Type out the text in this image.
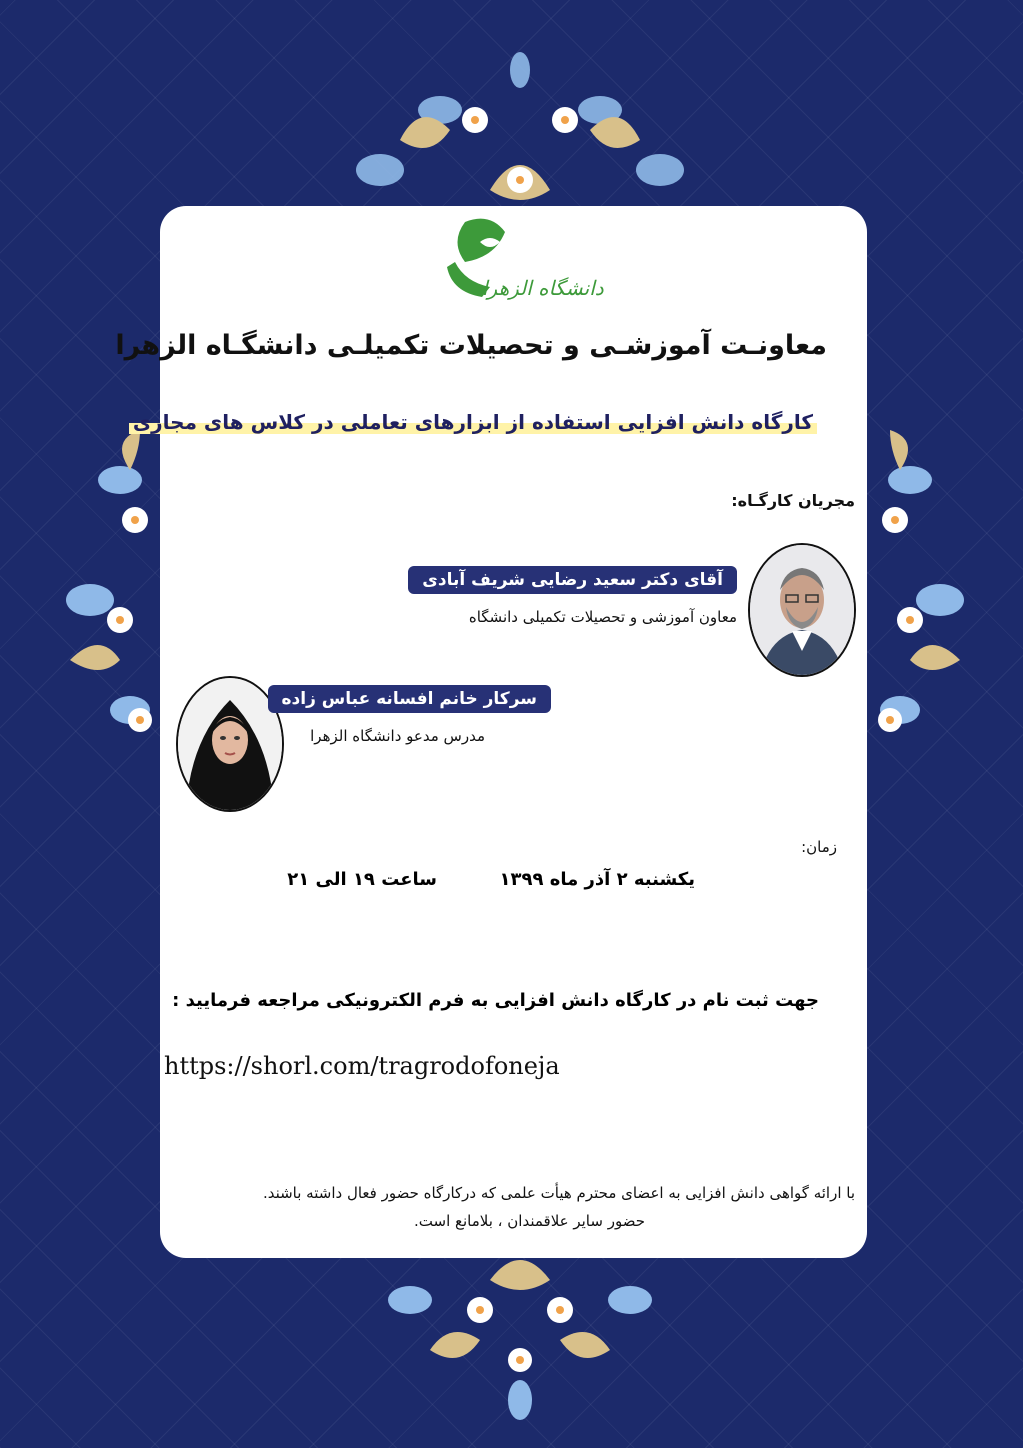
دانشگاه الزهرا
معاونـت آموزشـی و تحصیلات تکمیلـی دانشگـاه الزهرا
کارگاه دانش افزایی استفاده از ابزارهای تعاملی در کلاس های مجازی
مجریان کارگـاه:
آقای دکتر سعید رضایی شریف آبادی
معاون آموزشی و تحصیلات تکمیلی دانشگاه
سرکار خانم افسانه عباس زاده
مدرس مدعو دانشگاه الزهرا
زمان:
یکشنبه ۲ آذر ماه ۱۳۹۹
ساعت ۱۹ الی ۲۱
جهت ثبت نام در کارگاه دانش افزایی به فرم الکترونیکی مراجعه فرمایید :
https://shorl.com/tragrodofoneja
با ارائه گواهی دانش افزایی به اعضای محترم هیأت علمی که درکارگاه حضور فعال داشته باشند.
حضور سایر علاقمندان ، بلامانع است.
